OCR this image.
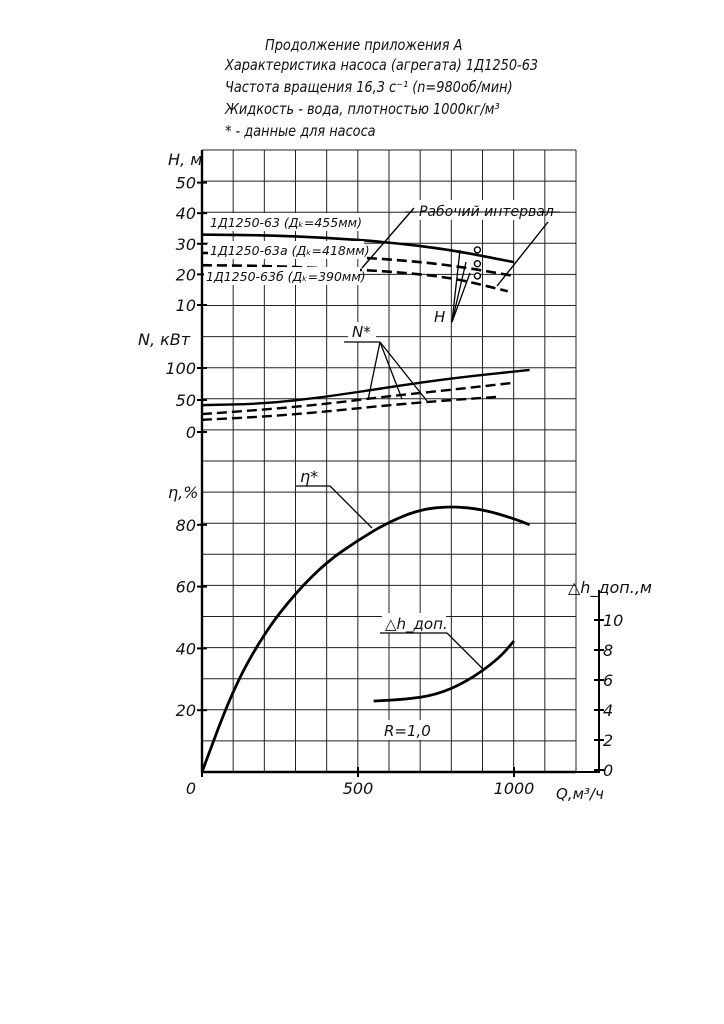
Продолжение приложения А
Характеристика насоса (агрегата) 1Д1250-63
Частота вращения 16,3 с⁻¹ (n=980об/мин)
Жидкость - вода, плотностью 1000кг/м³
* - данные для насоса
10
20
30
40
50
0
50
100
20
40
60
80
0
2
4
6
8
10
0	500	1000
H, м
N, кВт
η,%
Q,м³/ч
△h_доп.,м
1Д1250-63 (Дₖ=455мм)
1Д1250-63а (Дₖ=418мм)
1Д1250-63б (Дₖ=390мм)
Рабочий интервал
H
N*
η*
△h_доп.
R=1,0
